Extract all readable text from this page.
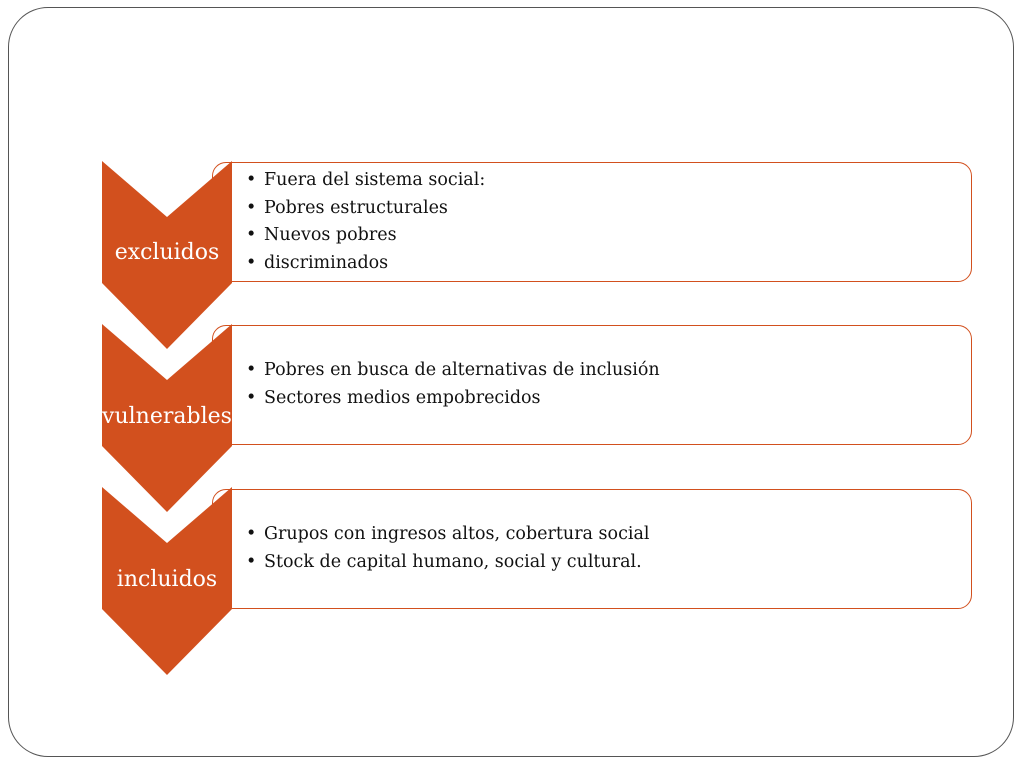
excluidos
• Fuera del sistema social:
• Pobres estructurales
• Nuevos pobres
• discriminados
vulnerables
• Pobres en busca de alternativas de inclusión
• Sectores medios empobrecidos
incluidos
• Grupos con ingresos altos, cobertura social
• Stock de capital humano, social y cultural.
